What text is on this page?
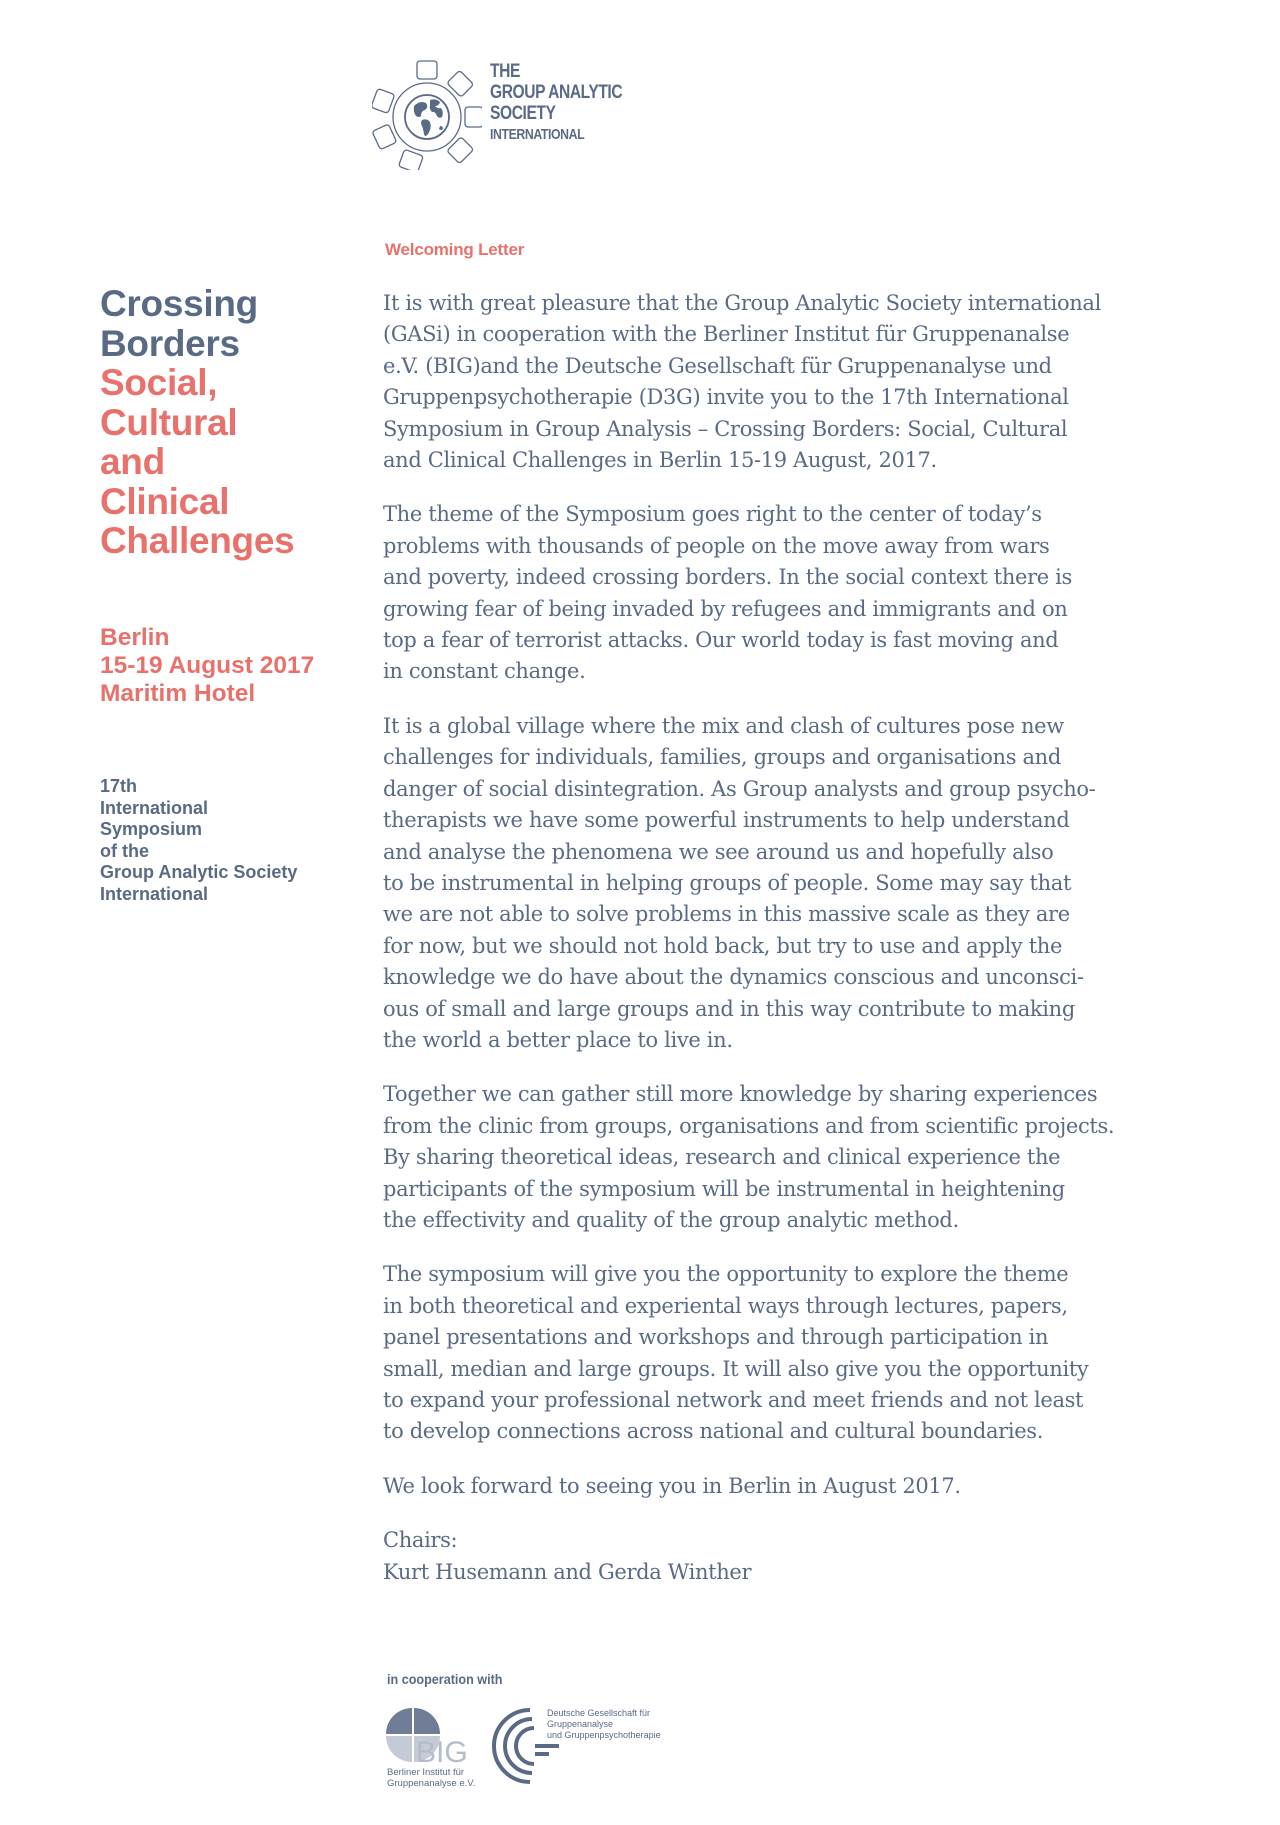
THE
GROUP ANALYTIC
SOCIETY
INTERNATIONAL
Welcoming Letter
Crossing
Borders
Social,
Cultural
and
Clinical
Challenges
Berlin
15-19 August 2017
Maritim Hotel
17th
International
Symposium
of the
Group Analytic Society
International
It is with great pleasure that the Group Analytic Society international
(GASi) in cooperation with the Berliner Institut für Gruppenanalse
e.V. (BIG)and the Deutsche Gesellschaft für Gruppenanalyse und
Gruppenpsychotherapie (D3G) invite you to the 17th International
Symposium in Group Analysis – Crossing Borders: Social, Cultural
and Clinical Challenges in Berlin 15-19 August, 2017.
The theme of the Symposium goes right to the center of today’s
problems with thousands of people on the move away from wars
and poverty, indeed crossing borders. In the social context there is
growing fear of being invaded by refugees and immigrants and on
top a fear of terrorist attacks. Our world today is fast moving and
in constant change.
It is a global village where the mix and clash of cultures pose new
challenges for individuals, families, groups and organisations and
danger of social disintegration. As Group analysts and group psycho-
therapists we have some powerful instruments to help understand
and analyse the phenomena we see around us and hopefully also
to be instrumental in helping groups of people. Some may say that
we are not able to solve problems in this massive scale as they are
for now, but we should not hold back, but try to use and apply the
knowledge we do have about the dynamics conscious and unconsci-
ous of small and large groups and in this way contribute to making
the world a better place to live in.
Together we can gather still more knowledge by sharing experiences
from the clinic from groups, organisations and from scientific projects.
By sharing theoretical ideas, research and clinical experience the
participants of the symposium will be instrumental in heightening
the effectivity and quality of the group analytic method.
The symposium will give you the opportunity to explore the theme
in both theoretical and experiental ways through lectures, papers,
panel presentations and workshops and through participation in
small, median and large groups. It will also give you the opportunity
to expand your professional network and meet friends and not least
to develop connections across national and cultural boundaries.
We look forward to seeing you in Berlin in August 2017.
Chairs:
Kurt Husemann and Gerda Winther
in cooperation with
BIG
Berliner Institut für
Gruppenanalyse e.V.
Deutsche Gesellschaft für
Gruppenanalyse
und Gruppenpsychotherapie
